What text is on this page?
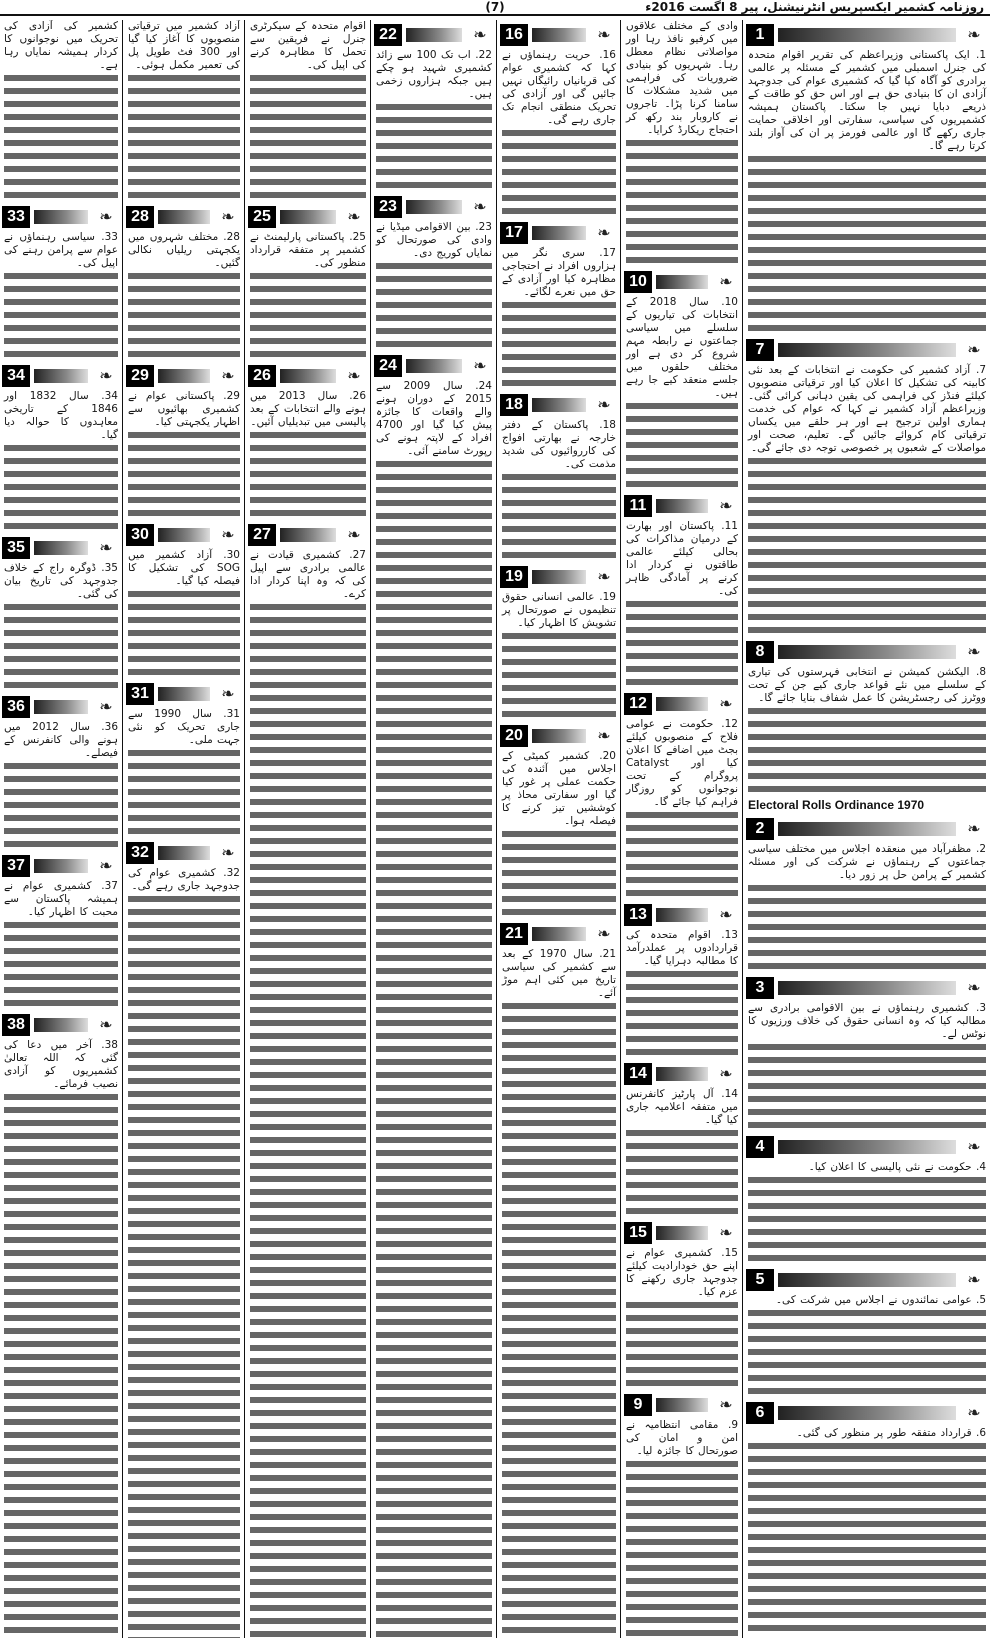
(7)	روزنامہ کشمیر ایکسپریس انٹرنیشنل، پیر 8 اگست 2016ء
1	❧
1. ایک پاکستانی وزیراعظم کی تقریر اقوام متحدہ کی جنرل اسمبلی میں کشمیر کے مسئلہ پر عالمی برادری کو آگاہ کیا گیا کہ کشمیری عوام کی جدوجہد آزادی ان کا بنیادی حق ہے اور اس حق کو طاقت کے ذریعے دبایا نہیں جا سکتا۔ پاکستان ہمیشہ کشمیریوں کی سیاسی، سفارتی اور اخلاقی حمایت جاری رکھے گا اور عالمی فورمز پر ان کی آواز بلند کرتا رہے گا۔
7	❧
7. آزاد کشمیر کی حکومت نے انتخابات کے بعد نئی کابینہ کی تشکیل کا اعلان کیا اور ترقیاتی منصوبوں کیلئے فنڈز کی فراہمی کی یقین دہانی کرائی گئی۔ وزیراعظم آزاد کشمیر نے کہا کہ عوام کی خدمت ہماری اولین ترجیح ہے اور ہر حلقے میں یکساں ترقیاتی کام کروائے جائیں گے۔ تعلیم، صحت اور مواصلات کے شعبوں پر خصوصی توجہ دی جائے گی۔
8	❧
8. الیکشن کمیشن نے انتخابی فہرستوں کی تیاری کے سلسلے میں نئے قواعد جاری کیے جن کے تحت ووٹرز کی رجسٹریشن کا عمل شفاف بنایا جائے گا۔
Electoral Rolls Ordinance 1970
2	❧
2. مظفرآباد میں منعقدہ اجلاس میں مختلف سیاسی جماعتوں کے رہنماؤں نے شرکت کی اور مسئلہ کشمیر کے پرامن حل پر زور دیا۔
3	❧
3. کشمیری رہنماؤں نے بین الاقوامی برادری سے مطالبہ کیا کہ وہ انسانی حقوق کی خلاف ورزیوں کا نوٹس لے۔
4	❧
4. حکومت نے نئی پالیسی کا اعلان کیا۔
5	❧
5. عوامی نمائندوں نے اجلاس میں شرکت کی۔
6	❧
6. قرارداد متفقہ طور پر منظور کی گئی۔
وادی کے مختلف علاقوں میں کرفیو نافذ رہا اور مواصلاتی نظام معطل رہا۔ شہریوں کو بنیادی ضروریات کی فراہمی میں شدید مشکلات کا سامنا کرنا پڑا۔ تاجروں نے کاروبار بند رکھ کر احتجاج ریکارڈ کرایا۔
10	❧
10. سال 2018 کے انتخابات کی تیاریوں کے سلسلے میں سیاسی جماعتوں نے رابطہ مہم شروع کر دی ہے اور مختلف حلقوں میں جلسے منعقد کیے جا رہے ہیں۔
11	❧
11. پاکستان اور بھارت کے درمیان مذاکرات کی بحالی کیلئے عالمی طاقتوں نے کردار ادا کرنے پر آمادگی ظاہر کی۔
12	❧
12. حکومت نے عوامی فلاح کے منصوبوں کیلئے بجٹ میں اضافے کا اعلان کیا اور Catalyst پروگرام کے تحت نوجوانوں کو روزگار فراہم کیا جائے گا۔
13	❧
13. اقوام متحدہ کی قراردادوں پر عملدرآمد کا مطالبہ دہرایا گیا۔
14	❧
14. آل پارٹیز کانفرنس میں متفقہ اعلامیہ جاری کیا گیا۔
15	❧
15. کشمیری عوام نے اپنے حق خودارادیت کیلئے جدوجہد جاری رکھنے کا عزم کیا۔
9	❧
9. مقامی انتظامیہ نے امن و امان کی صورتحال کا جائزہ لیا۔
16	❧
16. حریت رہنماؤں نے کہا کہ کشمیری عوام کی قربانیاں رائیگاں نہیں جائیں گی اور آزادی کی تحریک منطقی انجام تک جاری رہے گی۔
17	❧
17. سری نگر میں ہزاروں افراد نے احتجاجی مظاہرہ کیا اور آزادی کے حق میں نعرے لگائے۔
18	❧
18. پاکستان کے دفتر خارجہ نے بھارتی افواج کی کارروائیوں کی شدید مذمت کی۔
19	❧
19. عالمی انسانی حقوق تنظیموں نے صورتحال پر تشویش کا اظہار کیا۔
20	❧
20. کشمیر کمیٹی کے اجلاس میں آئندہ کی حکمت عملی پر غور کیا گیا اور سفارتی محاذ پر کوششیں تیز کرنے کا فیصلہ ہوا۔
21	❧
21. سال 1970 کے بعد سے کشمیر کی سیاسی تاریخ میں کئی اہم موڑ آئے۔
22	❧
22. اب تک 100 سے زائد کشمیری شہید ہو چکے ہیں جبکہ ہزاروں زخمی ہیں۔
23	❧
23. بین الاقوامی میڈیا نے وادی کی صورتحال کو نمایاں کوریج دی۔
24	❧
24. سال 2009 سے 2015 کے دوران ہونے والے واقعات کا جائزہ پیش کیا گیا اور 4700 افراد کے لاپتہ ہونے کی رپورٹ سامنے آئی۔
اقوام متحدہ کے سیکرٹری جنرل نے فریقین سے تحمل کا مظاہرہ کرنے کی اپیل کی۔
25	❧
25. پاکستانی پارلیمنٹ نے کشمیر پر متفقہ قرارداد منظور کی۔
26	❧
26. سال 2013 میں ہونے والے انتخابات کے بعد پالیسی میں تبدیلیاں آئیں۔
27	❧
27. کشمیری قیادت نے عالمی برادری سے اپیل کی کہ وہ اپنا کردار ادا کرے۔
آزاد کشمیر میں ترقیاتی منصوبوں کا آغاز کیا گیا اور 300 فٹ طویل پل کی تعمیر مکمل ہوئی۔
28	❧
28. مختلف شہروں میں یکجہتی ریلیاں نکالی گئیں۔
29	❧
29. پاکستانی عوام نے کشمیری بھائیوں سے اظہار یکجہتی کیا۔
30	❧
30. آزاد کشمیر میں SOG کی تشکیل کا فیصلہ کیا گیا۔
31	❧
31. سال 1990 سے جاری تحریک کو نئی جہت ملی۔
32	❧
32. کشمیری عوام کی جدوجہد جاری رہے گی۔
کشمیر کی آزادی کی تحریک میں نوجوانوں کا کردار ہمیشہ نمایاں رہا ہے۔
33	❧
33. سیاسی رہنماؤں نے عوام سے پرامن رہنے کی اپیل کی۔
34	❧
34. سال 1832 اور 1846 کے تاریخی معاہدوں کا حوالہ دیا گیا۔
35	❧
35. ڈوگرہ راج کے خلاف جدوجہد کی تاریخ بیان کی گئی۔
36	❧
36. سال 2012 میں ہونے والی کانفرنس کے فیصلے۔
37	❧
37. کشمیری عوام نے ہمیشہ پاکستان سے محبت کا اظہار کیا۔
38	❧
38. آخر میں دعا کی گئی کہ اللہ تعالیٰ کشمیریوں کو آزادی نصیب فرمائے۔
